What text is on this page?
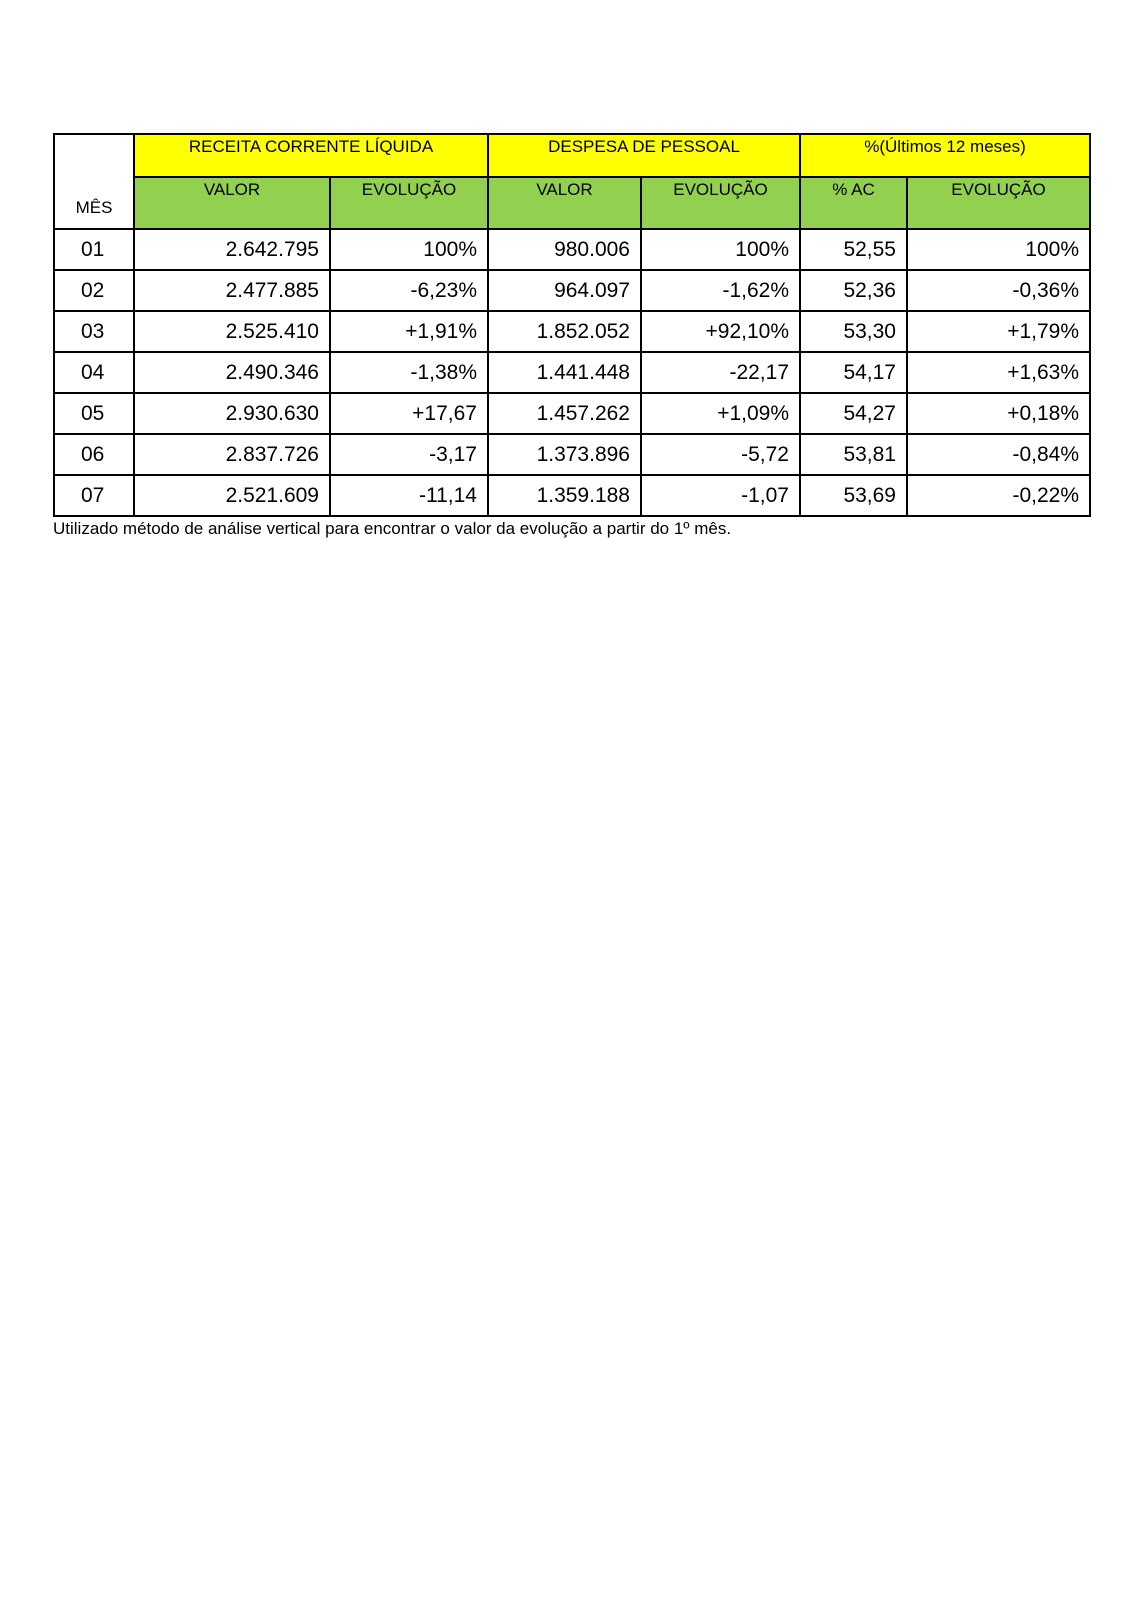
MÊS	RECEITA CORRENTE LÍQUIDA		DESPESA DE PESSOAL		%(Últimos 12 meses)	
	VALOR	EVOLUÇÃO	VALOR	EVOLUÇÃO	% AC	EVOLUÇÃO
01	2.642.795	100%	980.006	100%	52,55	100%
02	2.477.885	-6,23%	964.097	-1,62%	52,36	-0,36%
03	2.525.410	+1,91%	1.852.052	+92,10%	53,30	+1,79%
04	2.490.346	-1,38%	1.441.448	-22,17	54,17	+1,63%
05	2.930.630	+17,67	1.457.262	+1,09%	54,27	+0,18%
06	2.837.726	-3,17	1.373.896	-5,72	53,81	-0,84%
07	2.521.609	-11,14	1.359.188	-1,07	53,69	-0,22%
Utilizado método de análise vertical para encontrar o valor da evolução a partir do 1º mês.
